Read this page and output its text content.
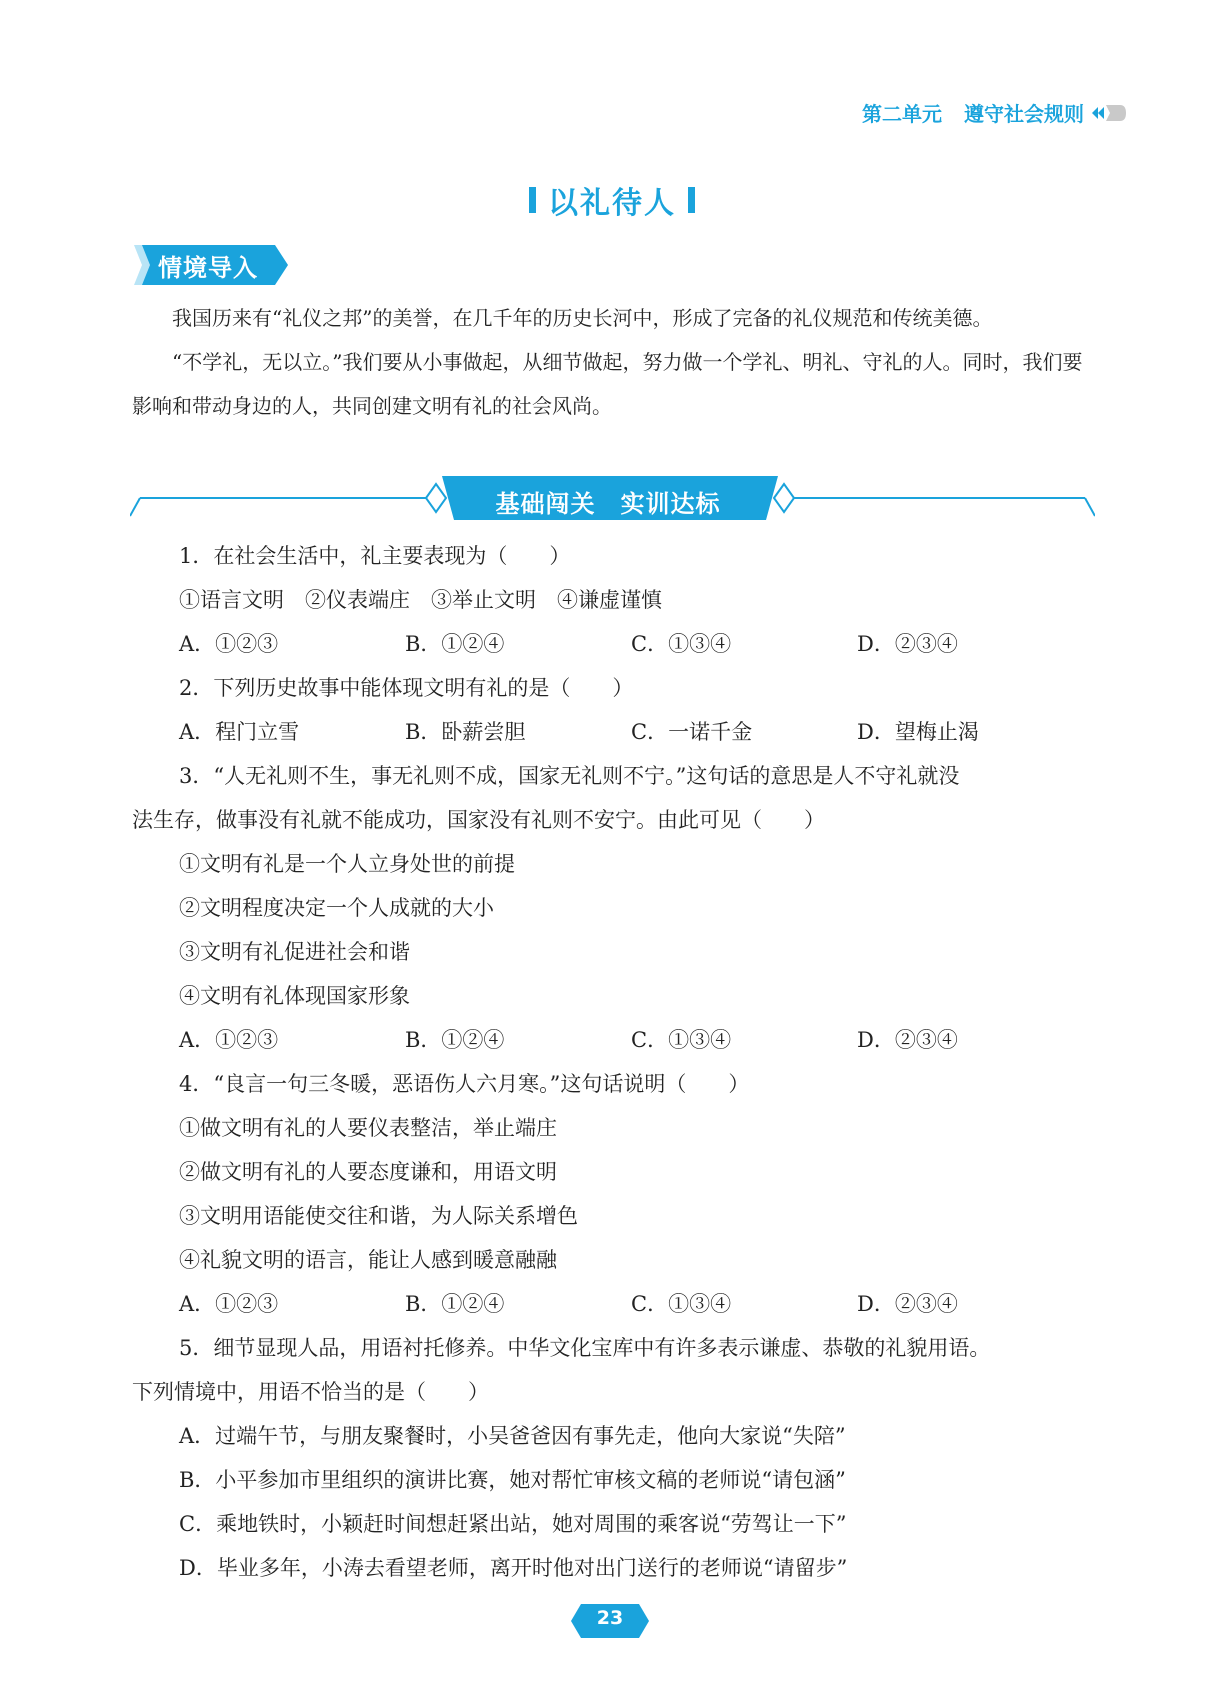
第二单元 遵守社会规则
以礼待人
情境导入

我国历来有“礼仪之邦”的美誉，在几千年的历史长河中，形成了完备的礼仪规范和传统美德。

“不学礼，无以立。”我们要从小事做起，从细节做起，努力做一个学礼、明礼、守礼的人。同时，我们要影响和带动身边的人，共同创建文明有礼的社会风尚。

基础闯关　实训达标
1．在社会生活中，礼主要表现为（　　）
①语言文明　②仪表端庄　③举止文明　④谦虚谨慎
A．①②③	B．①②④	C．①③④	D．②③④
2．下列历史故事中能体现文明有礼的是（　　）
A．程门立雪	B．卧薪尝胆	C．一诺千金	D．望梅止渴
3．“人无礼则不生，事无礼则不成，国家无礼则不宁。”这句话的意思是人不守礼就没
法生存，做事没有礼就不能成功，国家没有礼则不安宁。由此可见（　　）
①文明有礼是一个人立身处世的前提
②文明程度决定一个人成就的大小
③文明有礼促进社会和谐
④文明有礼体现国家形象
A．①②③	B．①②④	C．①③④	D．②③④
4．“良言一句三冬暖，恶语伤人六月寒。”这句话说明（　　）
①做文明有礼的人要仪表整洁，举止端庄
②做文明有礼的人要态度谦和，用语文明
③文明用语能使交往和谐，为人际关系增色
④礼貌文明的语言，能让人感到暖意融融
A．①②③	B．①②④	C．①③④	D．②③④
5．细节显现人品，用语衬托修养。中华文化宝库中有许多表示谦虚、恭敬的礼貌用语。
下列情境中，用语不恰当的是（　　）
A．过端午节，与朋友聚餐时，小吴爸爸因有事先走，他向大家说“失陪”
B．小平参加市里组织的演讲比赛，她对帮忙审核文稿的老师说“请包涵”
C．乘地铁时，小颖赶时间想赶紧出站，她对周围的乘客说“劳驾让一下”
D．毕业多年，小涛去看望老师，离开时他对出门送行的老师说“请留步”
23
